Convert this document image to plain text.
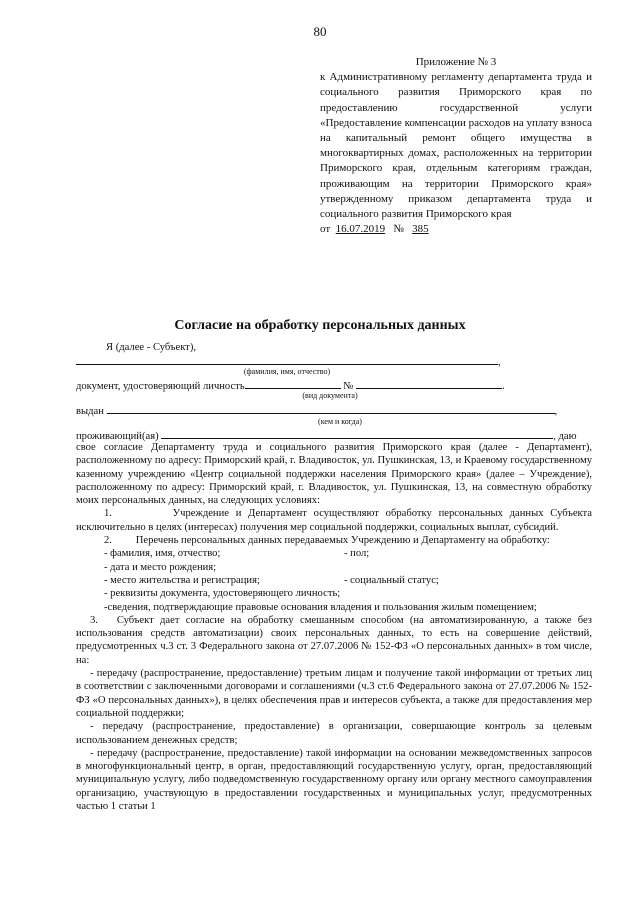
80
Приложение № 3
к Административному регламенту департамента труда и социального развития Приморского края по предоставлению государственной услуги «Предоставление компенсации расходов на уплату взноса на капитальный ремонт общего имущества в многоквартирных домах, расположенных на территории Приморского края, отдельным категориям граждан, проживающим на территории Приморского края» утвержденному приказом департамента труда и социального развития Приморского края
от 16.07.2019 № 385
Согласие на обработку персональных данных
Я (далее - Субъект),
,
(фамилия, имя, отчество)
документ, удостоверяющий личность	№	.
(вид документа)
выдан	,
(кем и когда)
проживающий(ая)	, даю

свое согласие Департаменту труда и социального развития Приморского края (далее - Департамент), расположенному по адресу: Приморский край, г. Владивосток, ул. Пушкинская, 13, и Краевому государственному казенному учреждению «Центр социальной поддержки населения Приморского края» (далее – Учреждение), расположенному по адресу: Приморский край, г. Владивосток, ул. Пушкинская, 13, на совместную обработку моих персональных данных, на следующих условиях:

1.         Учреждение и Департамент осуществляют обработку персональных данных Субъекта исключительно в целях (интересах) получения мер социальной поддержки, социальных выплат, субсидий.

2.         Перечень персональных данных передаваемых Учреждению и Департаменту на обработку:

- фамилия, имя, отчество;	- пол;

- дата и место рождения;

- место жительства и регистрация;	- социальный статус;

- реквизиты документа, удостоверяющего личность;

-сведения, подтверждающие правовые основания владения и пользования жилым помещением;

3.   Субъект дает согласие на обработку смешанным способом (на автоматизированную, а также без использования средств автоматизации) своих персональных данных, то есть на совершение действий, предусмотренных ч.3 ст. 3 Федерального закона от 27.07.2006 № 152-ФЗ «О персональных данных» в том числе, на:

- передачу (распространение, предоставление) третьим лицам и получение такой информации от третьих лиц в соответствии с заключенными договорами и соглашениями (ч.3 ст.6 Федерального закона от 27.07.2006 № 152-ФЗ «О персональных данных»), в целях обеспечения прав и интересов субъекта, а также для предоставления мер социальной поддержки;

- передачу (распространение, предоставление) в организации, совершающие контроль за целевым использованием денежных средств;

- передачу (распространение, предоставление) такой информации на основании межведомственных запросов в многофункциональный центр, в орган, предоставляющий государственную услугу, орган, предоставляющий муниципальную услугу, либо подведомственную государственному органу или органу местного самоуправления организацию, участвующую в предоставлении государственных и муниципальных услуг, предусмотренных частью 1 статьи 1
